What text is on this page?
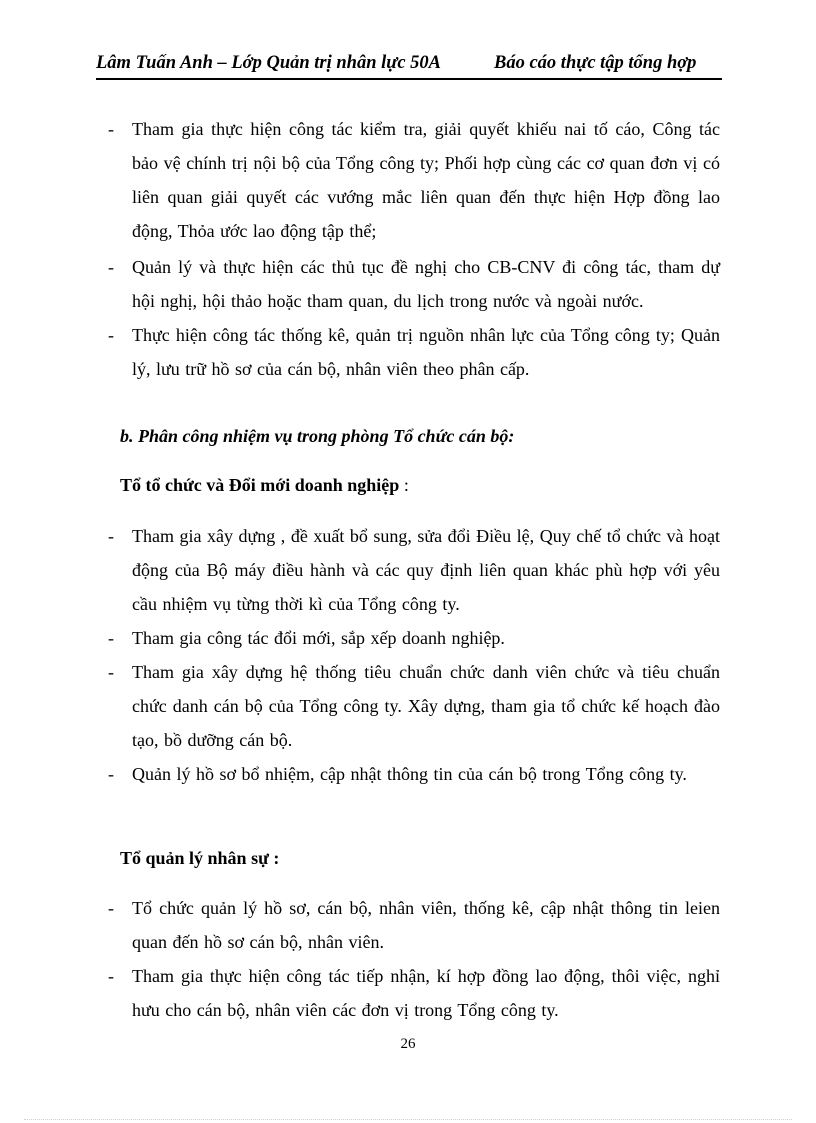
Lâm Tuấn Anh – Lớp Quản trị nhân lực 50A	Báo cáo thực tập tổng hợp
- Tham gia thực hiện công tác kiểm tra, giải quyết khiếu nai tố cáo, Công tác bảo vệ chính trị nội bộ của Tổng công ty; Phối hợp cùng các cơ quan đơn vị có liên quan giải quyết các vướng mắc liên quan đến thực hiện Hợp đồng lao động, Thỏa ước lao động tập thể;
- Quản lý và thực hiện các thủ tục đề nghị cho CB-CNV đi công tác, tham dự hội nghị, hội thảo hoặc tham quan, du lịch trong nước và ngoài nước.
- Thực hiện công tác thống kê, quản trị nguồn nhân lực của Tổng công ty; Quản lý, lưu trữ hồ sơ của cán bộ, nhân viên theo phân cấp.
b. Phân công nhiệm vụ trong phòng Tổ chức cán bộ:
Tổ tổ chức và Đổi mới doanh nghiệp :
- Tham gia xây dựng , đề xuất bổ sung, sửa đổi Điều lệ, Quy chế tổ chức và hoạt động của Bộ máy điều hành và các quy định liên quan khác phù hợp với yêu cầu nhiệm vụ từng thời kì của Tổng công ty.
- Tham gia công tác đổi mới, sắp xếp doanh nghiệp.
- Tham gia xây dựng hệ thống tiêu chuẩn chức danh viên chức và tiêu chuẩn chức danh cán bộ của Tổng công ty. Xây dựng, tham gia tổ chức kế hoạch đào tạo, bồ dưỡng cán bộ.
- Quản lý hồ sơ bổ nhiệm, cập nhật thông tin của cán bộ trong Tổng công ty.
Tổ quản lý nhân sự :
- Tổ chức quản lý hồ sơ, cán bộ, nhân viên, thống kê, cập nhật thông tin leien quan đến hồ sơ cán bộ, nhân viên.
- Tham gia thực hiện công tác tiếp nhận, kí hợp đồng lao động, thôi việc, nghỉ hưu cho cán bộ, nhân viên các đơn vị trong Tổng công ty.
26
